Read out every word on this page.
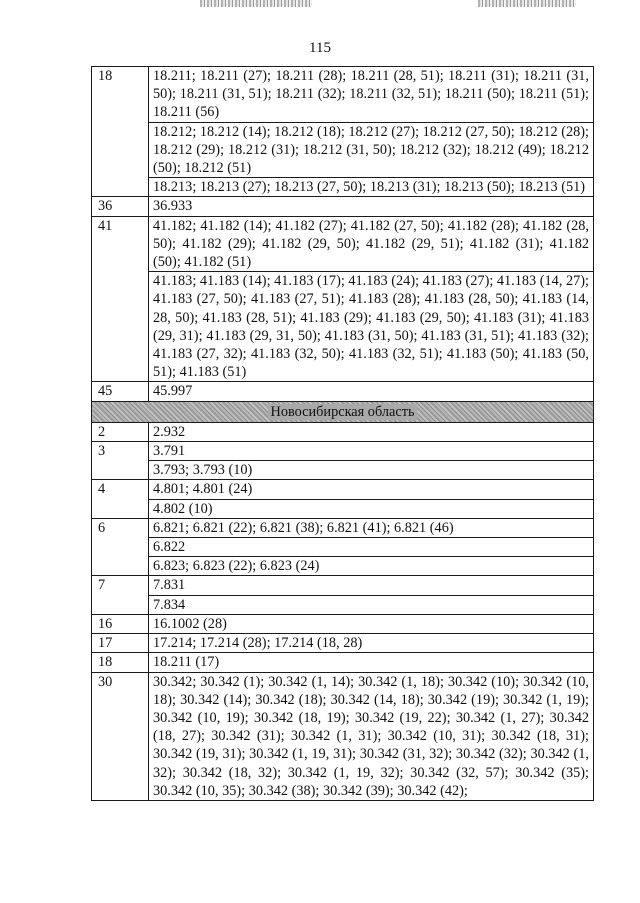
115
18	18.211; 18.211 (27); 18.211 (28); 18.211 (28, 51); 18.211 (31); 18.211 (31, 50); 18.211 (31, 51); 18.211 (32); 18.211 (32, 51); 18.211 (50); 18.211 (51); 18.211 (56)
	18.212; 18.212 (14); 18.212 (18); 18.212 (27); 18.212 (27, 50); 18.212 (28); 18.212 (29); 18.212 (31); 18.212 (31, 50); 18.212 (32); 18.212 (49); 18.212 (50); 18.212 (51)
	18.213; 18.213 (27); 18.213 (27, 50); 18.213 (31); 18.213 (50); 18.213 (51)
36	36.933
41	41.182; 41.182 (14); 41.182 (27); 41.182 (27, 50); 41.182 (28); 41.182 (28, 50); 41.182 (29); 41.182 (29, 50); 41.182 (29, 51); 41.182 (31); 41.182 (50); 41.182 (51)
	41.183; 41.183 (14); 41.183 (17); 41.183 (24); 41.183 (27); 41.183 (14, 27); 41.183 (27, 50); 41.183 (27, 51); 41.183 (28); 41.183 (28, 50); 41.183 (14, 28, 50); 41.183 (28, 51); 41.183 (29); 41.183 (29, 50); 41.183 (31); 41.183 (29, 31); 41.183 (29, 31, 50); 41.183 (31, 50); 41.183 (31, 51); 41.183 (32); 41.183 (27, 32); 41.183 (32, 50); 41.183 (32, 51); 41.183 (50); 41.183 (50, 51); 41.183 (51)
45	45.997
Новосибирская область	
2	2.932
3	3.791
	3.793; 3.793 (10)
4	4.801; 4.801 (24)
	4.802 (10)
6	6.821; 6.821 (22); 6.821 (38); 6.821 (41); 6.821 (46)
	6.822
	6.823; 6.823 (22); 6.823 (24)
7	7.831
	7.834
16	16.1002 (28)
17	17.214; 17.214 (28); 17.214 (18, 28)
18	18.211 (17)
30	30.342; 30.342 (1); 30.342 (1, 14); 30.342 (1, 18); 30.342 (10); 30.342 (10, 18); 30.342 (14); 30.342 (18); 30.342 (14, 18); 30.342 (19); 30.342 (1, 19); 30.342 (10, 19); 30.342 (18, 19); 30.342 (19, 22); 30.342 (1, 27); 30.342 (18, 27); 30.342 (31); 30.342 (1, 31); 30.342 (10, 31); 30.342 (18, 31); 30.342 (19, 31); 30.342 (1, 19, 31); 30.342 (31, 32); 30.342 (32); 30.342 (1, 32); 30.342 (18, 32); 30.342 (1, 19, 32); 30.342 (32, 57); 30.342 (35); 30.342 (10, 35); 30.342 (38); 30.342 (39); 30.342 (42);
